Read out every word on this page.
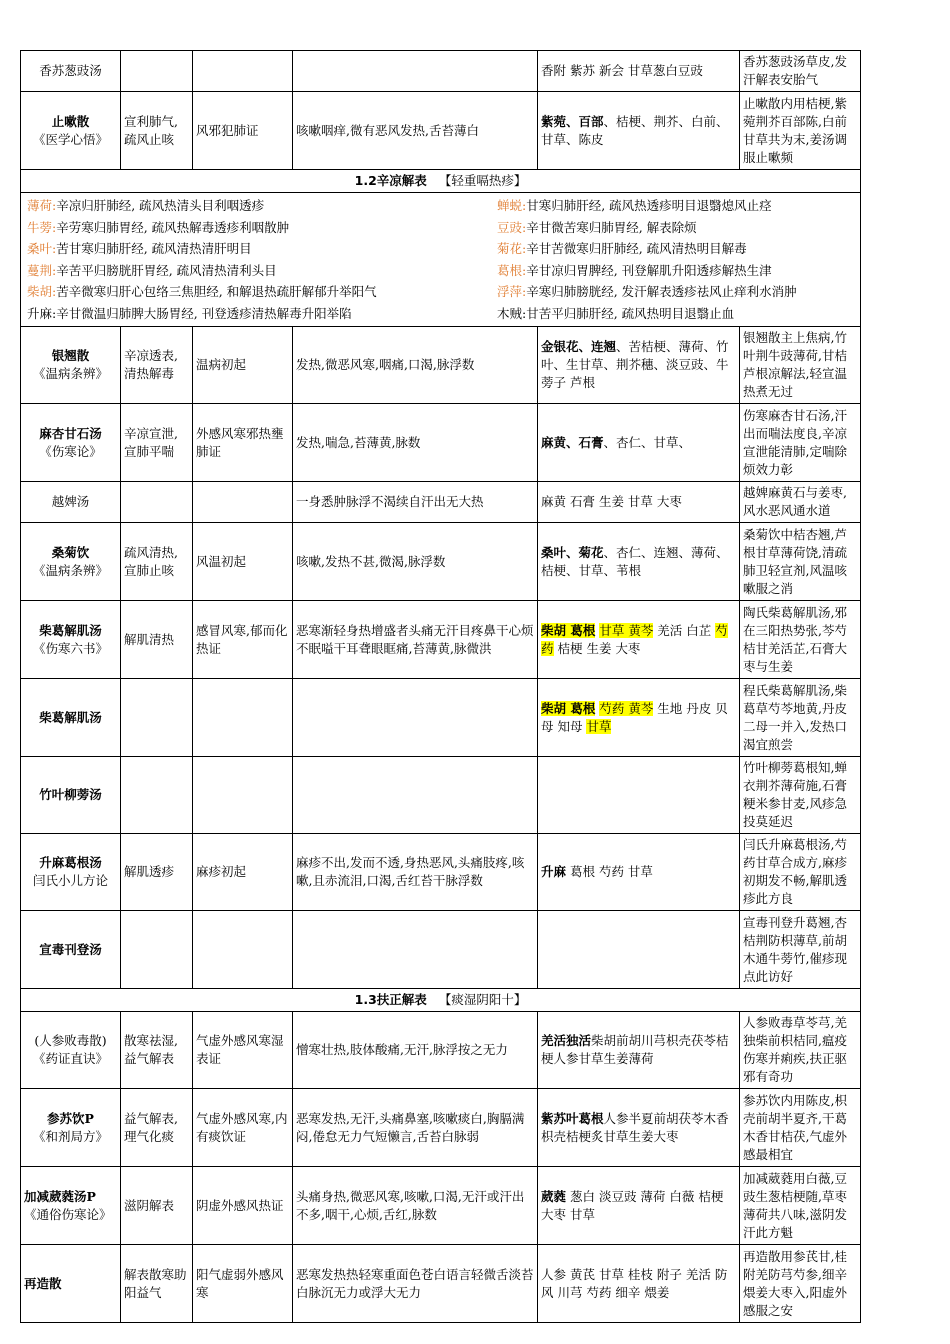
香苏葱豉汤				香附 紫苏 新会 甘草葱白豆豉	香苏葱豉汤草皮,发汗解表安胎气

止嗽散
《医学心悟》
	宣利肺气,疏风止咳	风邪犯肺证	咳嗽咽痒,微有恶风发热,舌苔薄白	紫菀、百部、桔梗、荆芥、白前、甘草、陈皮	止嗽散内用桔梗,紫菀荆芥百部陈,白前甘草共为末,姜汤调服止嗽频
1.2辛凉解表 【轻重嗝热疹】

薄荷:辛凉归肝肺经, 疏风热清头目利咽透疹	蝉蜕:甘寒归肺肝经, 疏风热透疹明目退翳熄风止痉
牛蒡:辛劳寒归肺胃经, 疏风热解毒透疹利咽散肿	豆豉:辛甘微苦寒归肺胃经, 解表除烦
桑叶:苦甘寒归肺肝经, 疏风清热清肝明目	菊花:辛甘苦微寒归肝肺经, 疏风清热明目解毒
蔓荆:辛苦平归膀胱肝胃经, 疏风清热清利头目	葛根:辛甘凉归胃脾经, 刊登解肌升阳透疹解热生津
柴胡:苦辛微寒归肝心包络三焦胆经, 和解退热疏肝解郁升举阳气	浮萍:辛寒归肺膀胱经, 发汗解表透疹祛风止痒利水消肿
升麻:辛甘微温归肺脾大肠胃经, 刊登透疹清热解毒升阳举陷	木贼:甘苦平归肺肝经, 疏风热明目退翳止血

银翘散
《温病条辨》
	辛凉透表,清热解毒	温病初起	发热,微恶风寒,咽痛,口渴,脉浮数	金银花、连翘、苦桔梗、薄荷、竹叶、生甘草、荆芥穗、淡豆豉、牛蒡子 芦根	银翘散主上焦病,竹叶荆牛豉薄荷,甘桔芦根凉解法,轻宣温热煮无过

麻杏甘石汤
《伤寒论》
	辛凉宣泄,宣肺平喘	外感风寒邪热壅肺证	发热,喘急,苔薄黄,脉数	麻黄、石膏、杏仁、甘草、	伤寒麻杏甘石汤,汗出而喘法度良,辛凉宣泄能清肺,定喘除烦效力彰

越婢汤			一身悉肿脉浮不渴续自汗出无大热	麻黄 石膏 生姜 甘草 大枣	越婢麻黄石与姜枣,风水恶风通水道

桑菊饮
《温病条辨》
	疏风清热,宣肺止咳	风温初起	咳嗽,发热不甚,微渴,脉浮数	桑叶、菊花、杏仁、连翘、薄荷、桔梗、甘草、苇根	桑菊饮中桔杏翘,芦根甘草薄荷饶,清疏肺卫轻宣剂,风温咳嗽服之消

柴葛解肌汤
《伤寒六书》
	解肌清热	感冒风寒,郁而化热证	恶寒渐轻身热增盛者头痛无汗目疼鼻干心烦不眠嗌干耳聋眼眶痛,苔薄黄,脉微洪	柴胡 葛根 甘草 黄芩 羌活 白芷 芍药 桔梗 生姜 大枣	陶氏柴葛解肌汤,邪在三阳热势张,芩芍桔甘羌活芷,石膏大枣与生姜

柴葛解肌汤
				柴胡 葛根 芍药 黄芩 生地 丹皮 贝母 知母 甘草	程氏柴葛解肌汤,柴葛草芍芩地黄,丹皮二母一并入,发热口渴宜煎尝

竹叶柳蒡汤
					竹叶柳蒡葛根知,蝉衣荆芥薄荷施,石膏粳米参甘麦,风疹急投莫延迟

升麻葛根汤
闫氏小儿方论
	解肌透疹	麻疹初起	麻疹不出,发而不透,身热恶风,头痛肢疼,咳嗽,且赤流泪,口渴,舌红苔干脉浮数	升麻 葛根 芍药 甘草	闫氏升麻葛根汤,芍药甘草合成方,麻疹初期发不畅,解肌透疹此方良

宣毒刊登汤
					宣毒刊登升葛翘,杏桔荆防枳薄草,前胡木通牛蒡竹,催疹现点此访好
1.3扶正解表 【痰湿阴阳十】

(人参败毒散)
《药证直诀》
	散寒祛湿,益气解表	气虚外感风寒湿表证	憎寒壮热,肢体酸痛,无汗,脉浮按之无力	羌活独活柴胡前胡川芎枳壳茯苓桔梗人参甘草生姜薄荷	人参败毒草苓芎,羌独柴前枳桔同,瘟疫伤寒并痢疾,扶正驱邪有奇功

参苏饮P
《和剂局方》
	益气解表,理气化痰	气虚外感风寒,内有痰饮证	恶寒发热,无汗,头痛鼻塞,咳嗽痰白,胸膈满闷,倦怠无力气短懒言,舌苔白脉弱	紫苏叶葛根人参半夏前胡茯苓木香枳壳桔梗炙甘草生姜大枣	参苏饮内用陈皮,枳壳前胡半夏齐,干葛木香甘桔茯,气虚外感最相宜

加减葳蕤汤P
《通俗伤寒论》
	滋阴解表	阴虚外感风热证	头痛身热,微恶风寒,咳嗽,口渴,无汗或汗出不多,咽干,心烦,舌红,脉数	葳蕤 葱白 淡豆豉 薄荷 白薇 桔梗 大枣 甘草	加减葳蕤用白薇,豆豉生葱桔梗随,草枣薄荷共八味,滋阴发汗此方魁

再造散
	解表散寒助阳益气	阳气虚弱外感风寒	恶寒发热热轻寒重面色苍白语言轻微舌淡苔白脉沉无力或浮大无力	人参 黄芪 甘草 桂枝 附子 羌活 防风 川芎 芍药 细辛 煨姜	再造散用参芪甘,桂附羌防芎芍参,细辛煨姜大枣入,阳虚外感服之安
